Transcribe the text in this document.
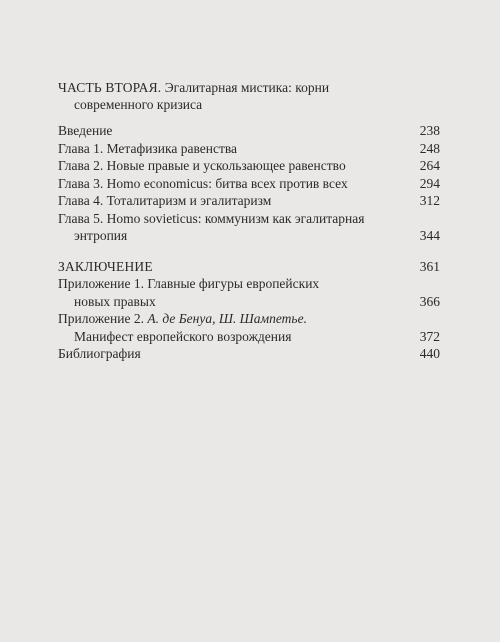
ЧАСТЬ ВТОРАЯ. Эгалитарная мистика: корни
современного кризиса
Введение	238
Глава 1. Метафизика равенства	248
Глава 2. Новые правые и ускользающее равенство	264
Глава 3. Homo economicus: битва всех против всех	294
Глава 4. Тоталитаризм и эгалитаризм	312
Глава 5. Homo sovieticus: коммунизм как эгалитарная
энтропия	344
ЗАКЛЮЧЕНИЕ	361
Приложение 1. Главные фигуры европейских
новых правых	366
Приложение 2. А. де Бенуа, Ш. Шампетье.
Манифест европейского возрождения	372
Библиография	440
